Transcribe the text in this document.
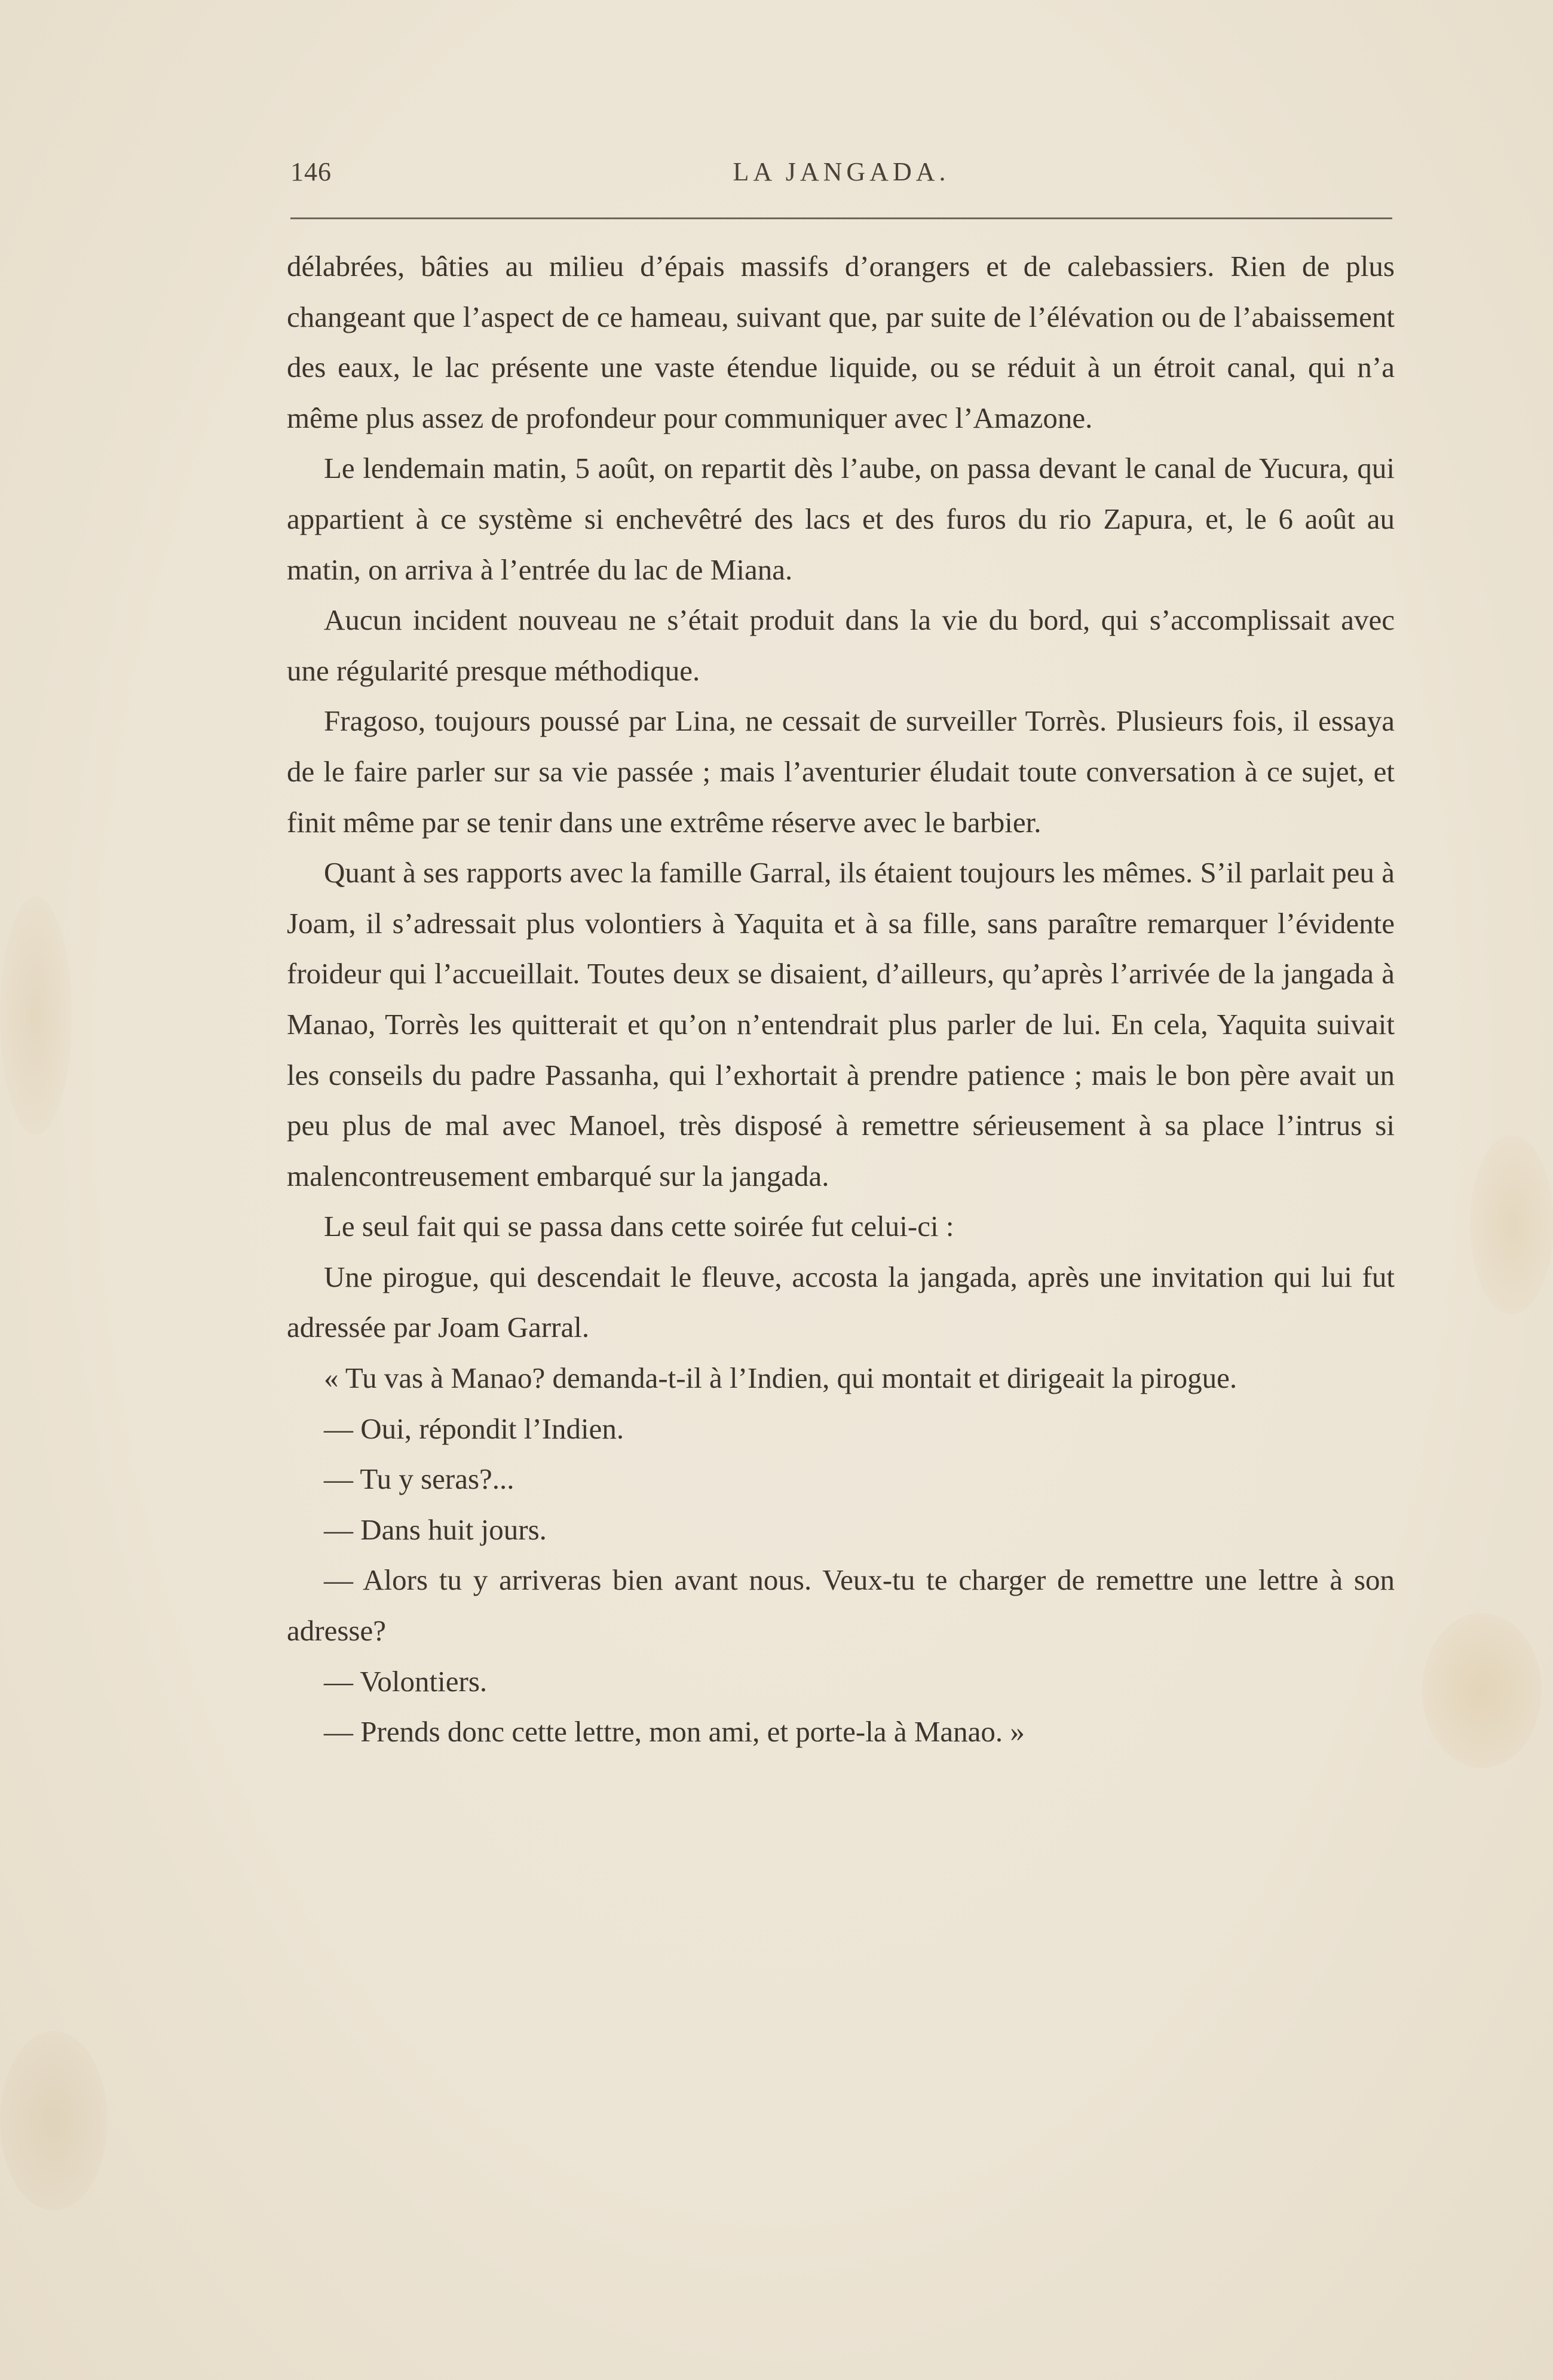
146	LA JANGADA.

délabrées, bâties au milieu d’épais massifs d’orangers et de calebassiers. Rien de plus changeant que l’aspect de ce hameau, suivant que, par suite de l’élévation ou de l’abaissement des eaux, le lac présente une vaste étendue liquide, ou se réduit à un étroit canal, qui n’a même plus assez de profondeur pour communiquer avec l’Amazone.

Le lendemain matin, 5 août, on repartit dès l’aube, on passa devant le canal de Yucura, qui appartient à ce système si enchevêtré des lacs et des furos du rio Zapura, et, le 6 août au matin, on arriva à l’entrée du lac de Miana.

Aucun incident nouveau ne s’était produit dans la vie du bord, qui s’accomplissait avec une régularité presque méthodique.

Fragoso, toujours poussé par Lina, ne cessait de surveiller Torrès. Plusieurs fois, il essaya de le faire parler sur sa vie passée ; mais l’aventurier éludait toute conversation à ce sujet, et finit même par se tenir dans une extrême réserve avec le barbier.

Quant à ses rapports avec la famille Garral, ils étaient toujours les mêmes. S’il parlait peu à Joam, il s’adressait plus volontiers à Yaquita et à sa fille, sans paraître remarquer l’évidente froideur qui l’accueillait. Toutes deux se disaient, d’ailleurs, qu’après l’arrivée de la jangada à Manao, Torrès les quitterait et qu’on n’entendrait plus parler de lui. En cela, Yaquita suivait les conseils du padre Passanha, qui l’exhortait à prendre patience ; mais le bon père avait un peu plus de mal avec Manoel, très disposé à remettre sérieusement à sa place l’intrus si malencontreusement embarqué sur la jangada.

Le seul fait qui se passa dans cette soirée fut celui-ci :

Une pirogue, qui descendait le fleuve, accosta la jangada, après une invitation qui lui fut adressée par Joam Garral.

« Tu vas à Manao? demanda-t-il à l’Indien, qui montait et dirigeait la pirogue.

— Oui, répondit l’Indien.

— Tu y seras?...

— Dans huit jours.

— Alors tu y arriveras bien avant nous. Veux-tu te charger de remettre une lettre à son adresse?

— Volontiers.

— Prends donc cette lettre, mon ami, et porte-la à Manao. »
